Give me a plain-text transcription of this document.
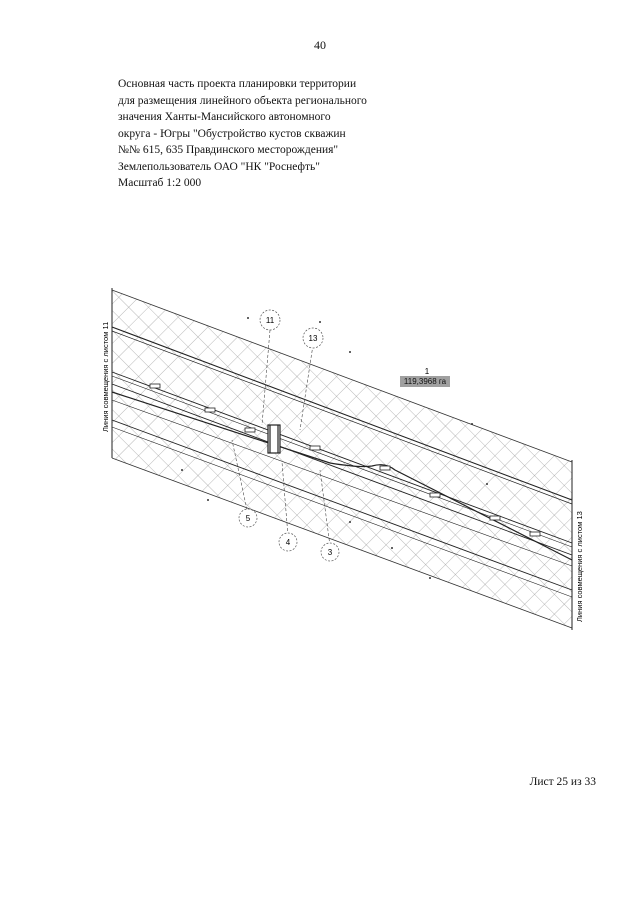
40
Основная часть проекта планировки территории
для размещения линейного объекта регионального
значения Ханты-Мансийского автономного
округа - Югры "Обустройство кустов скважин
№№ 615, 635 Правдинского месторождения"
Землепользователь ОАО "НК "Роснефть"
Масштаб 1:2 000
11
13
5
4
3
1
119,3968 га
Линия совмещения с листом 11
Линия совмещения с листом 13
Лист 25 из 33
